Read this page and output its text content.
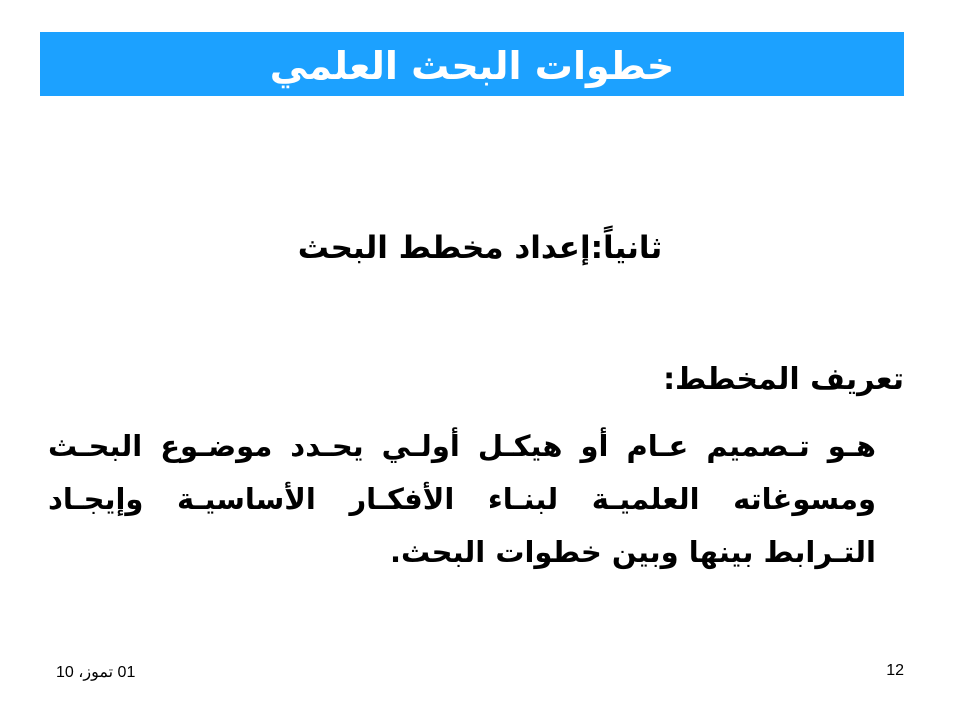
خطوات البحث العلمي
ثانياً:إعداد مخطط البحث
تعريف المخطط:
هـو تـصميم عـام أو هيكـل أولـي يحـدد موضـوع البحـث ومسوغاته العلميـة لبنـاء الأفكـار الأساسيـة وإيجـاد التـرابط بينها وبين خطوات البحث.
01 تموز، 10	12
